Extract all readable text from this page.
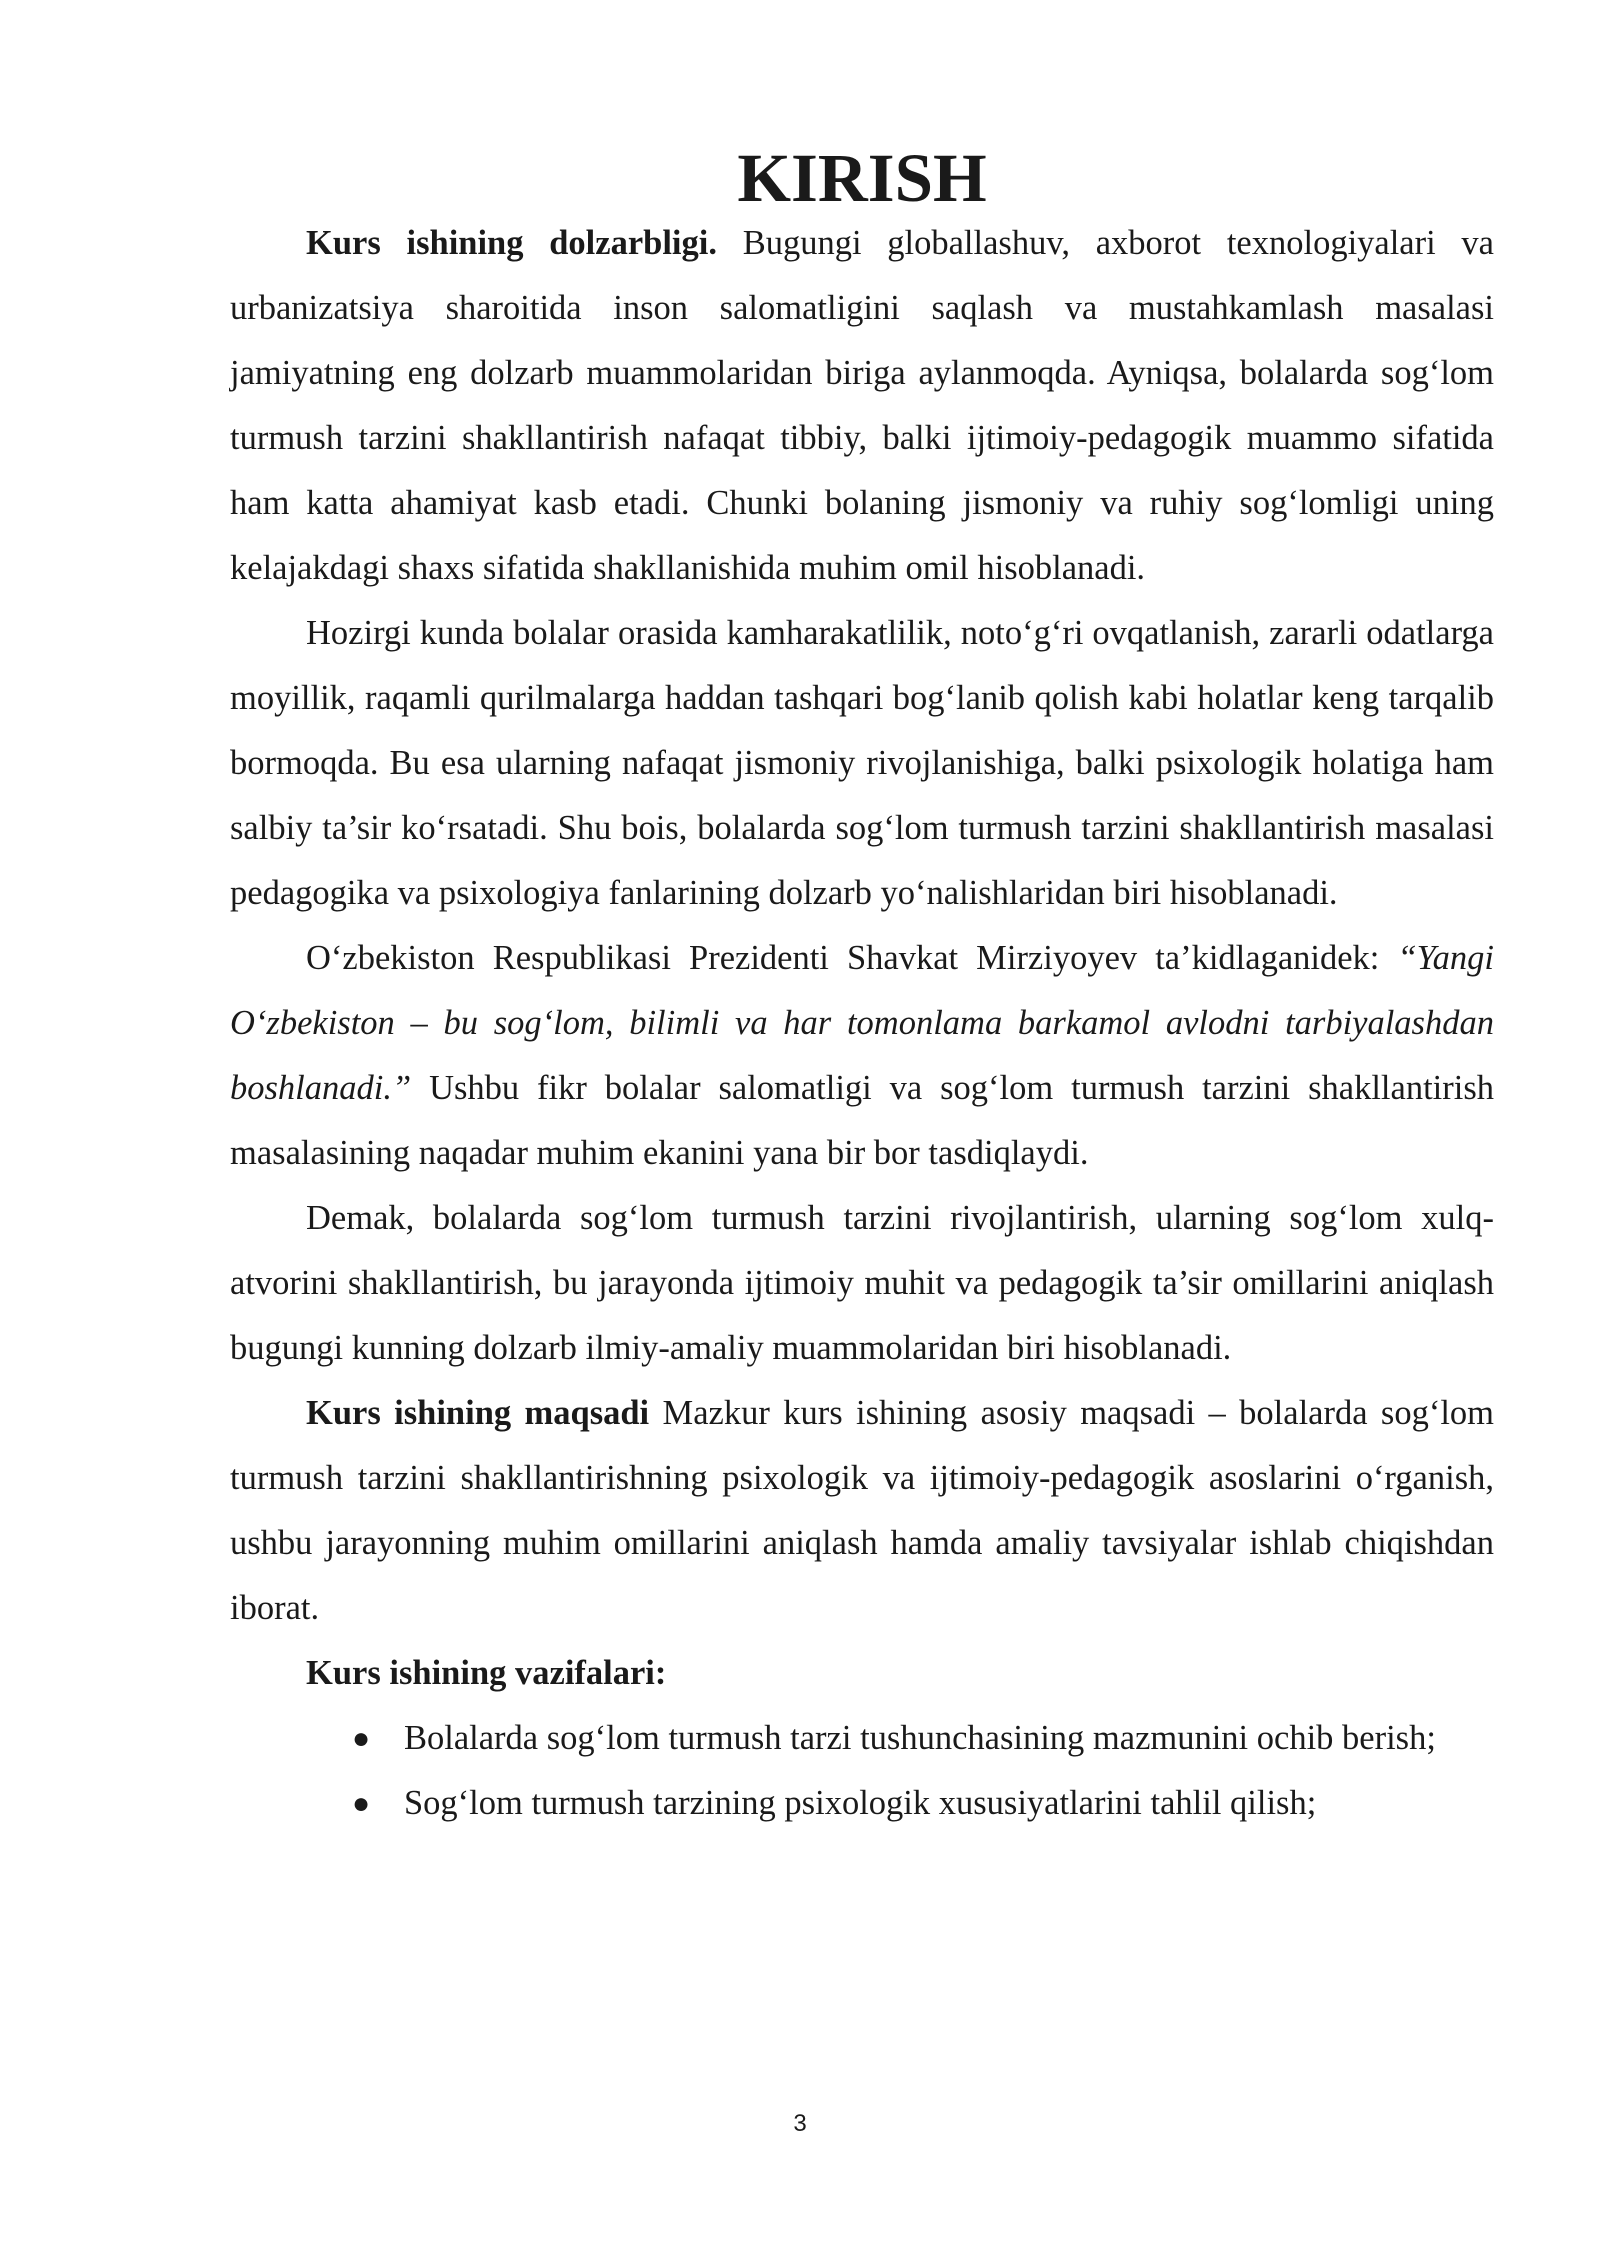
KIRISH

Kurs ishining dolzarbligi. Bugungi globallashuv, axborot texnologiyalari va urbanizatsiya sharoitida inson salomatligini saqlash va mustahkamlash masalasi jamiyatning eng dolzarb muammolaridan biriga aylanmoqda. Ayniqsa, bolalarda sog‘lom turmush tarzini shakllantirish nafaqat tibbiy, balki ijtimoiy-pedagogik muammo sifatida ham katta ahamiyat kasb etadi. Chunki bolaning jismoniy va ruhiy sog‘lomligi uning kelajakdagi shaxs sifatida shakllanishida muhim omil hisoblanadi.

Hozirgi kunda bolalar orasida kamharakatlilik, noto‘g‘ri ovqatlanish, zararli odatlarga moyillik, raqamli qurilmalarga haddan tashqari bog‘lanib qolish kabi holatlar keng tarqalib bormoqda. Bu esa ularning nafaqat jismoniy rivojlanishiga, balki psixologik holatiga ham salbiy ta’sir ko‘rsatadi. Shu bois, bolalarda sog‘lom turmush tarzini shakllantirish masalasi pedagogika va psixologiya fanlarining dolzarb yo‘nalishlaridan biri hisoblanadi.

O‘zbekiston Respublikasi Prezidenti Shavkat Mirziyoyev ta’kidlaganidek: “Yangi O‘zbekiston – bu sog‘lom, bilimli va har tomonlama barkamol avlodni tarbiyalashdan boshlanadi.” Ushbu fikr bolalar salomatligi va sog‘lom turmush tarzini shakllantirish masalasining naqadar muhim ekanini yana bir bor tasdiqlaydi.

Demak, bolalarda sog‘lom turmush tarzini rivojlantirish, ularning sog‘lom xulq-atvorini shakllantirish, bu jarayonda ijtimoiy muhit va pedagogik ta’sir omillarini aniqlash bugungi kunning dolzarb ilmiy-amaliy muammolaridan biri hisoblanadi.

Kurs ishining maqsadi Mazkur kurs ishining asosiy maqsadi – bolalarda sog‘lom turmush tarzini shakllantirishning psixologik va ijtimoiy-pedagogik asoslarini o‘rganish, ushbu jarayonning muhim omillarini aniqlash hamda amaliy tavsiyalar ishlab chiqishdan iborat.

Kurs ishining vazifalari:

● Bolalarda sog‘lom turmush tarzi tushunchasining mazmunini ochib berish;
● Sog‘lom turmush tarzining psixologik xususiyatlarini tahlil qilish;
3
